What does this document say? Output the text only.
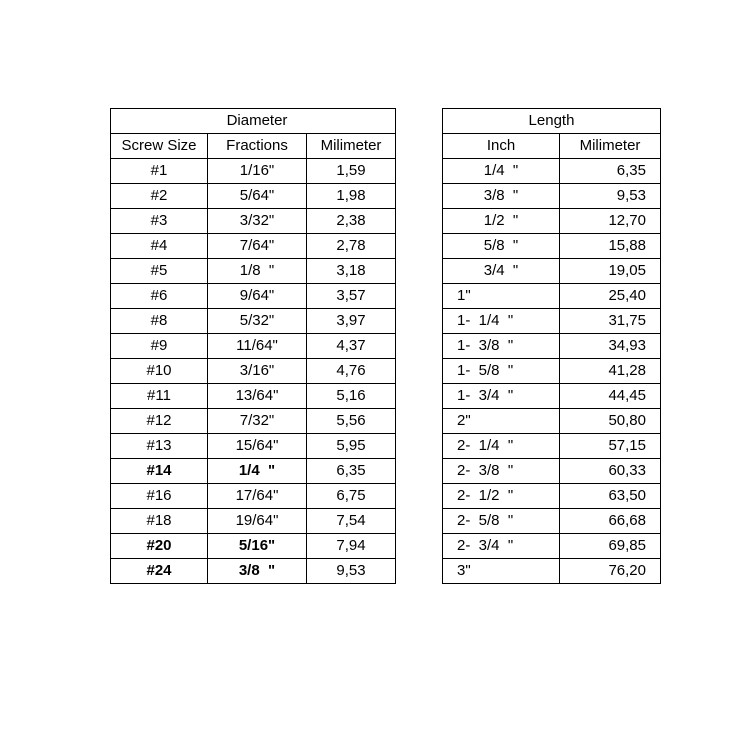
	Diameter	
Screw Size	Fractions	Milimeter
#1	1/16"	1,59
#2	5/64"	1,98
#3	3/32"	2,38
#4	7/64"	2,78
#5	1/8  "	3,18
#6	9/64"	3,57
#8	5/32"	3,97
#9	11/64"	4,37
#10	3/16"	4,76
#11	13/64"	5,16
#12	7/32"	5,56
#13	15/64"	5,95
#14	1/4  "	6,35
#16	17/64"	6,75
#18	19/64"	7,54
#20	5/16"	7,94
#24	3/8  "	9,53
Length	
Inch	Milimeter
1/4  "	6,35
3/8  "	9,53
1/2  "	12,70
5/8  "	15,88
3/4  "	19,05
1"	25,40
1-  1/4  "	31,75
1-  3/8  "	34,93
1-  5/8  "	41,28
1-  3/4  "	44,45
2"	50,80
2-  1/4  "	57,15
2-  3/8  "	60,33
2-  1/2  "	63,50
2-  5/8  "	66,68
2-  3/4  "	69,85
3"	76,20
